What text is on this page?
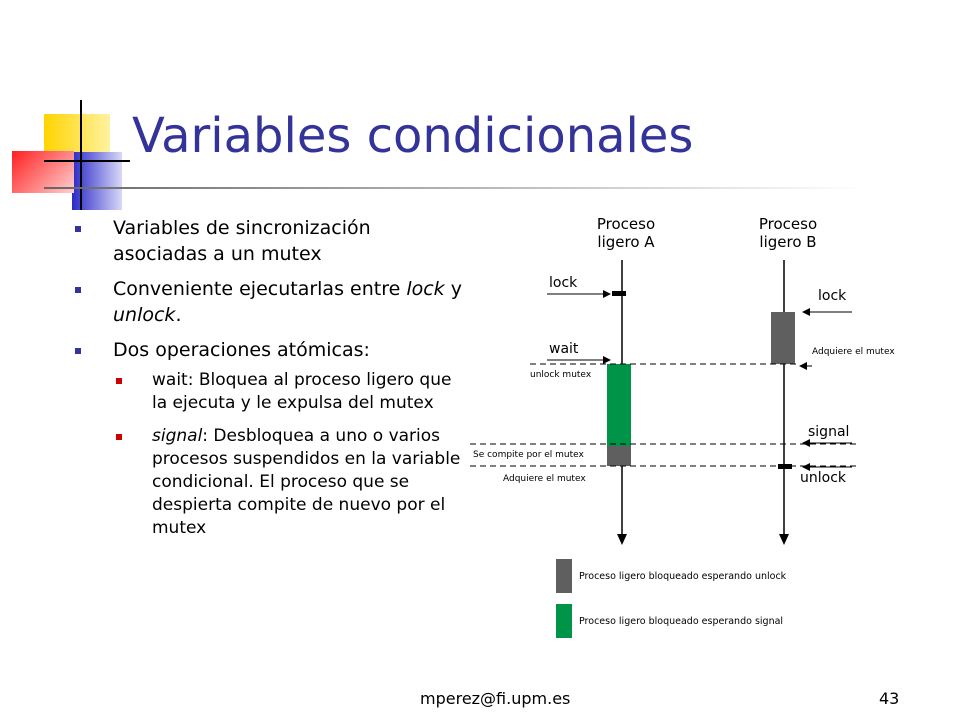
Variables condicionales
Variables de sincronización asociadas a un mutex
Conveniente ejecutarlas entre lock y unlock.
Dos operaciones atómicas:
wait: Bloquea al proceso ligero que la ejecuta y le expulsa del mutex
signal: Desbloquea a uno o varios procesos suspendidos en la variable condicional. El proceso que se despierta compite de nuevo por el mutex
Proceso
ligero A
Proceso
ligero B
lock
wait
unlock mutex
Se compite por el mutex
Adquiere el mutex
lock
Adquiere el mutex
signal
unlock
Proceso ligero bloqueado esperando unlock
Proceso ligero bloqueado esperando signal
mperez@fi.upm.es	43
